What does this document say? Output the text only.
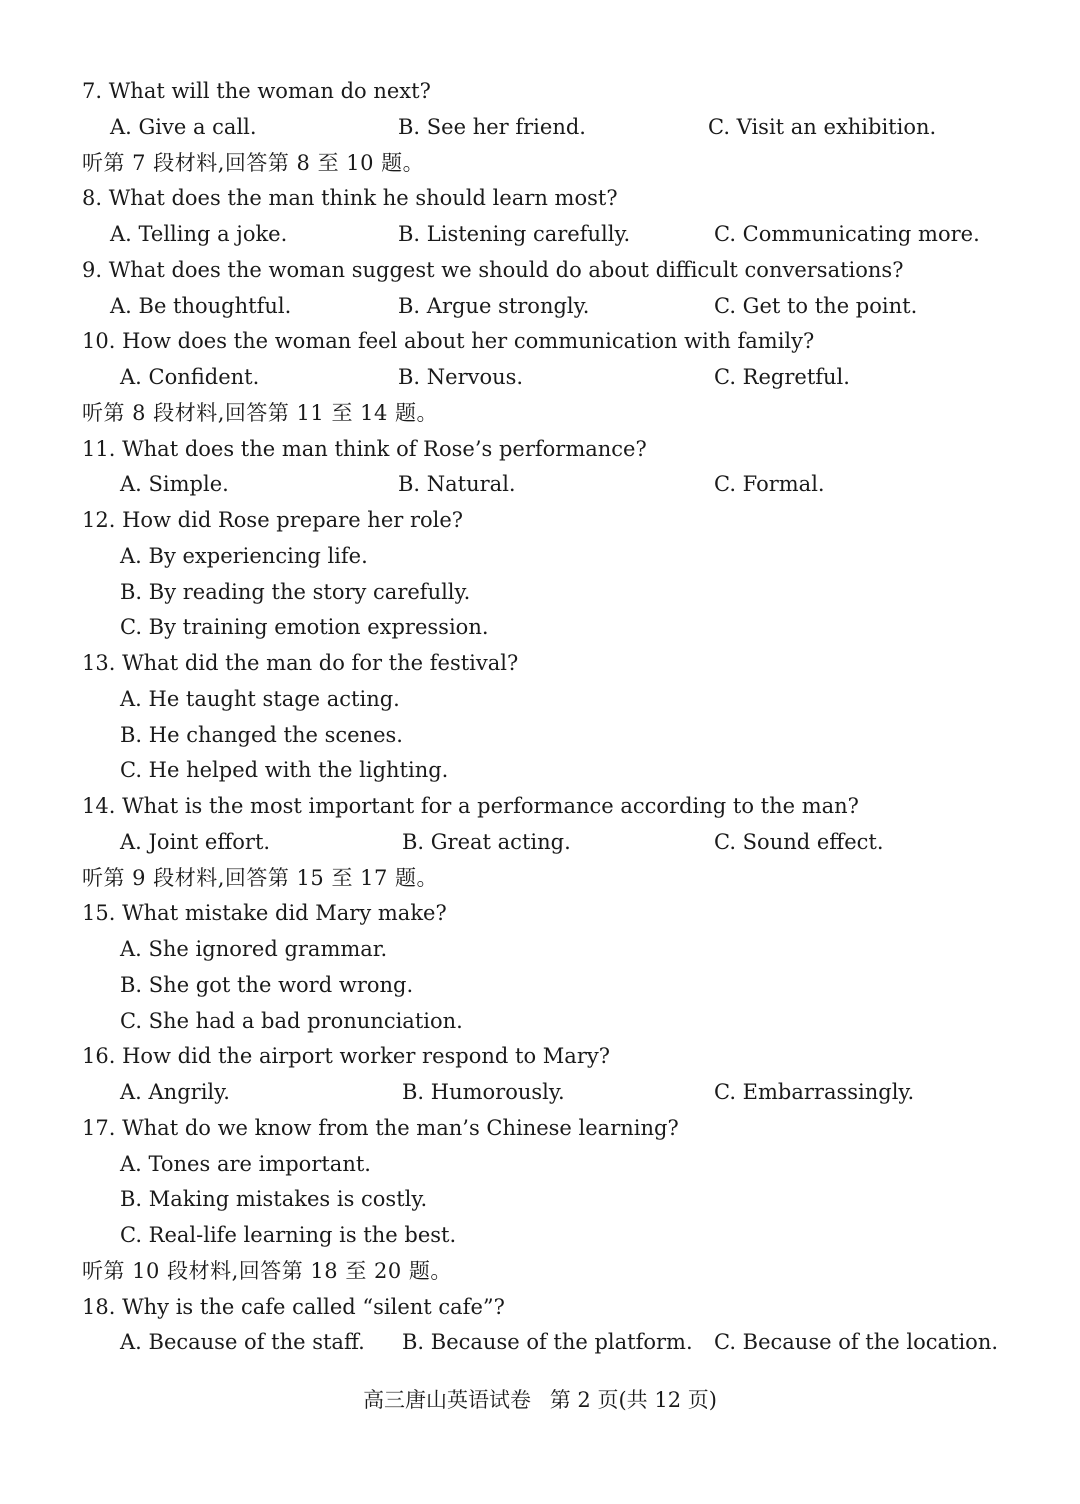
7. What will the woman do next?
A. Give a call.	B. See her friend.	C. Visit an exhibition.
听第 7 段材料,回答第 8 至 10 题。
8. What does the man think he should learn most?
A. Telling a joke.	B. Listening carefully.	C. Communicating more.
9. What does the woman suggest we should do about difficult conversations?
A. Be thoughtful.	B. Argue strongly.	C. Get to the point.
10. How does the woman feel about her communication with family?
A. Confident.	B. Nervous.	C. Regretful.
听第 8 段材料,回答第 11 至 14 题。
11. What does the man think of Rose’s performance?
A. Simple.	B. Natural.	C. Formal.
12. How did Rose prepare her role?
A. By experiencing life.
B. By reading the story carefully.
C. By training emotion expression.
13. What did the man do for the festival?
A. He taught stage acting.
B. He changed the scenes.
C. He helped with the lighting.
14. What is the most important for a performance according to the man?
A. Joint effort.	B. Great acting.	C. Sound effect.
听第 9 段材料,回答第 15 至 17 题。
15. What mistake did Mary make?
A. She ignored grammar.
B. She got the word wrong.
C. She had a bad pronunciation.
16. How did the airport worker respond to Mary?
A. Angrily.	B. Humorously.	C. Embarrassingly.
17. What do we know from the man’s Chinese learning?
A. Tones are important.
B. Making mistakes is costly.
C. Real-life learning is the best.
听第 10 段材料,回答第 18 至 20 题。
18. Why is the cafe called “silent cafe”?
A. Because of the staff. B. Because of the platform. C. Because of the location.
高三唐山英语试卷 第 2 页(共 12 页)
